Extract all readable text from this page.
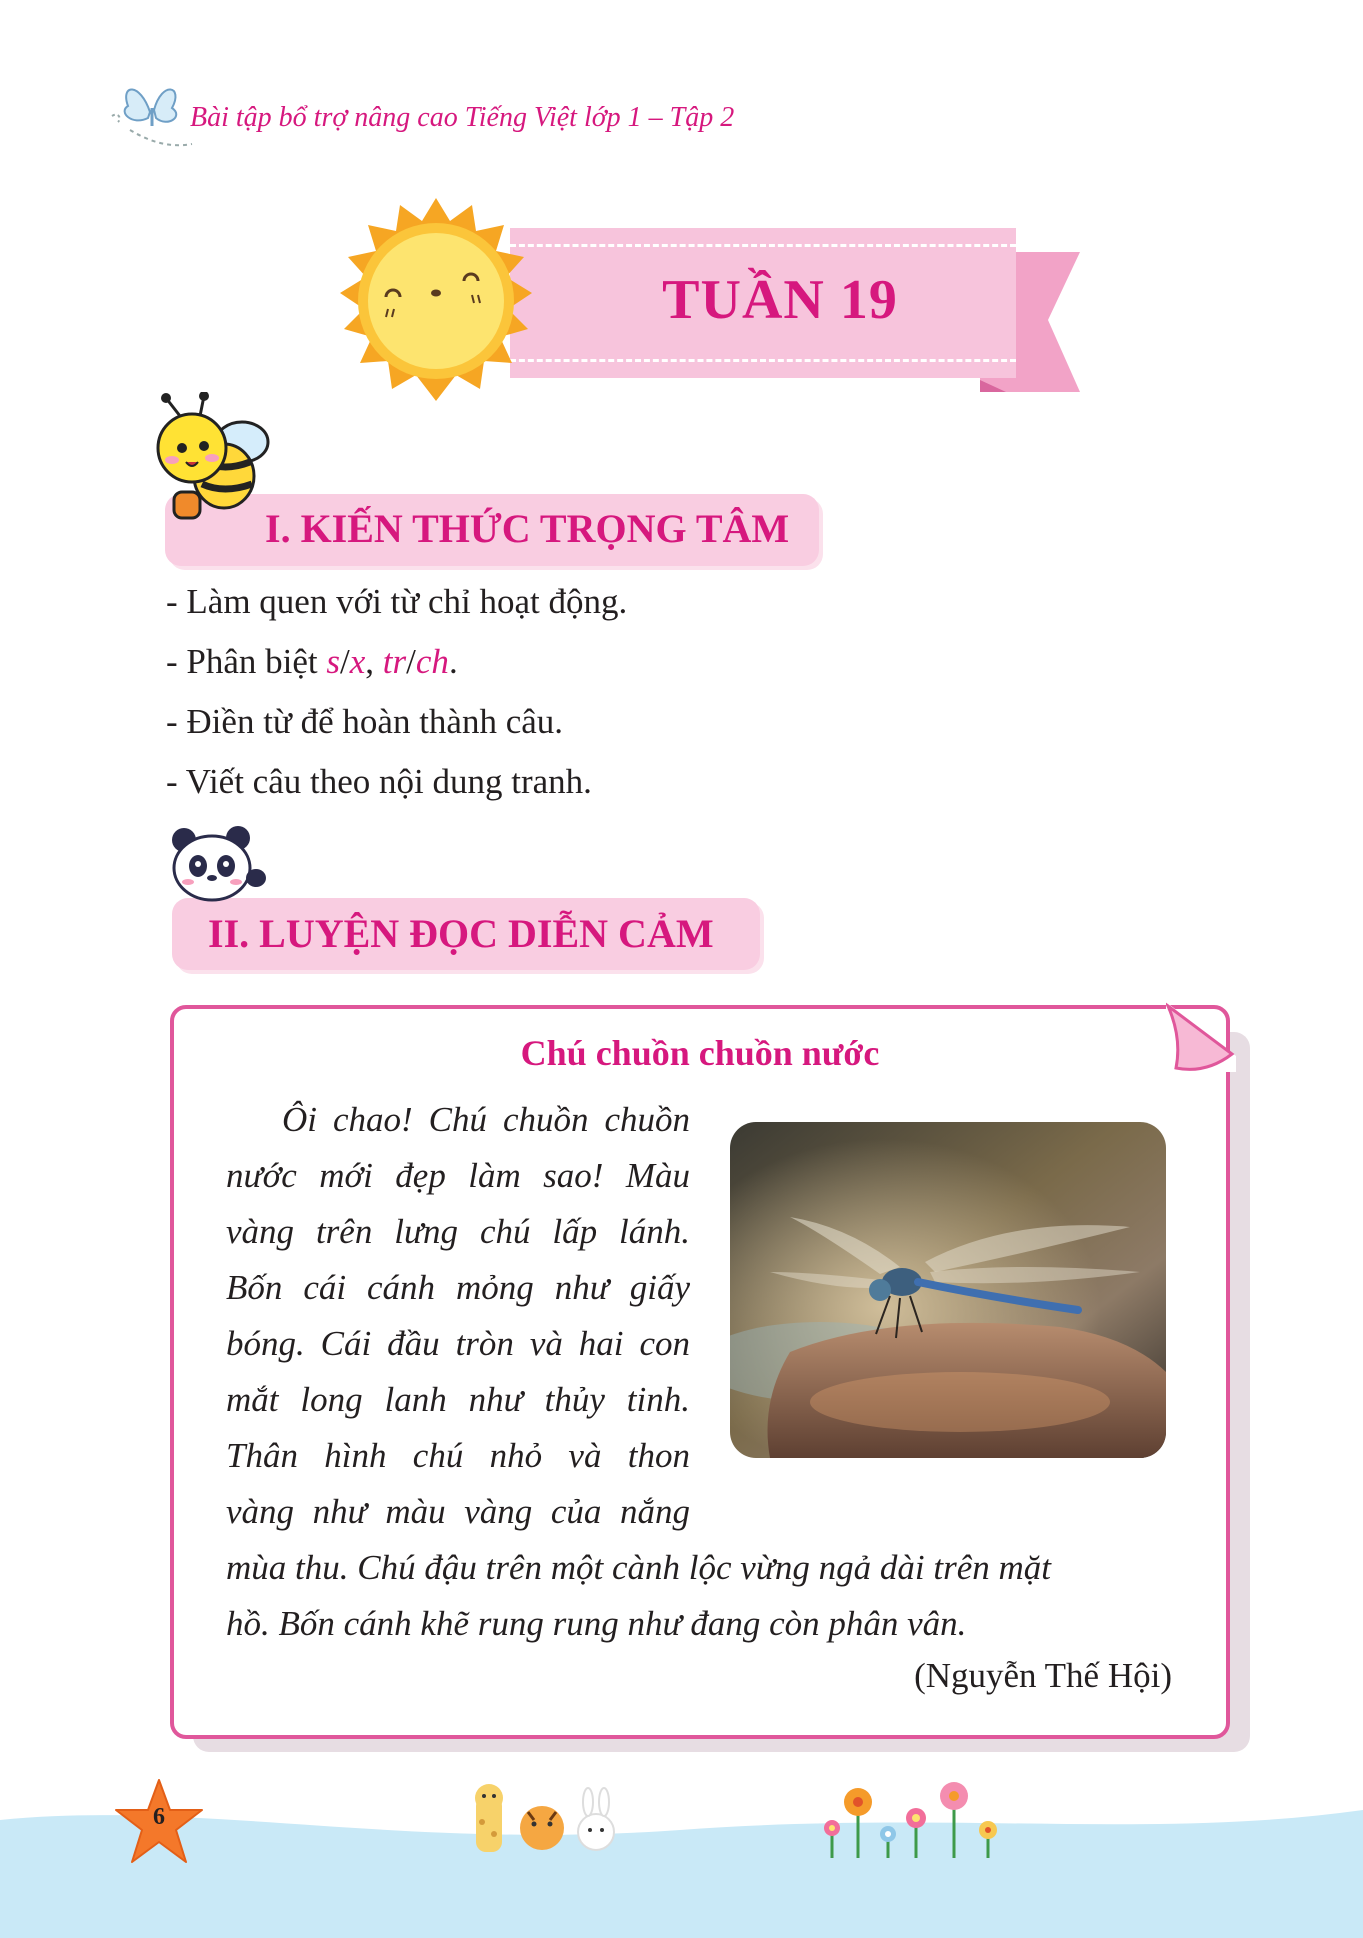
Bài tập bổ trợ nâng cao Tiếng Việt lớp 1 – Tập 2
TUẦN 19
I. KIẾN THỨC TRỌNG TÂM
- Làm quen với từ chỉ hoạt động.
- Phân biệt s/x, tr/ch.
- Điền từ để hoàn thành câu.
- Viết câu theo nội dung tranh.
II. LUYỆN ĐỌC DIỄN CẢM
Chú chuồn chuồn nước
Ôi chao! Chú chuồn chuồn
nước mới đẹp làm sao! Màu
vàng trên lưng chú lấp lánh.
Bốn cái cánh mỏng như giấy
bóng. Cái đầu tròn và hai con
mắt long lanh như thủy tinh.
Thân hình chú nhỏ và thon
vàng như màu vàng của nắng
mùa thu. Chú đậu trên một cành lộc vừng ngả dài trên mặt
hồ. Bốn cánh khẽ rung rung như đang còn phân vân.
(Nguyễn Thế Hội)
6
